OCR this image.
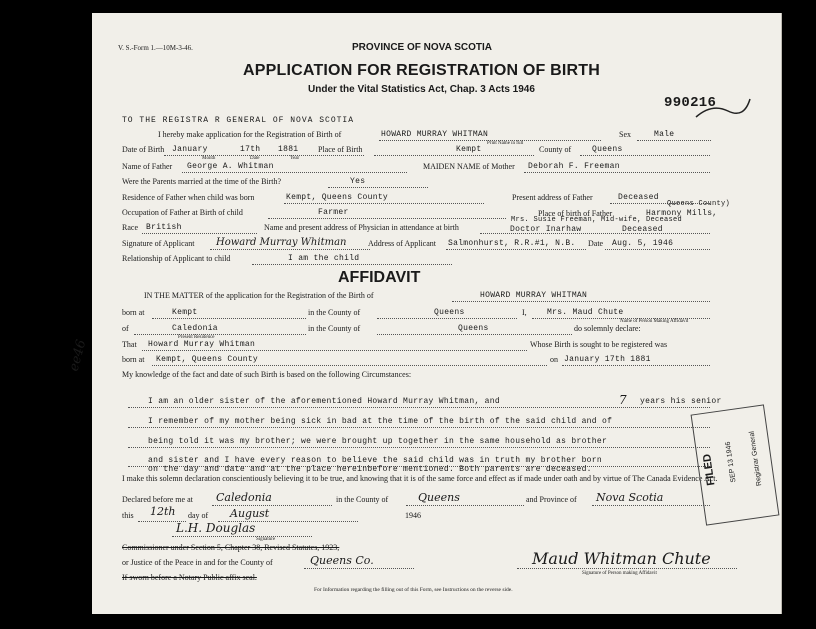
V. S.-Form 1.—10M-3-46.	PROVINCE OF NOVA SCOTIA
APPLICATION FOR REGISTRATION OF BIRTH
Under the Vital Statistics Act, Chap. 3 Acts 1946
990216
TO THE REGISTRA R GENERAL OF NOVA SCOTIA
I hereby make application for the Registration of Birth of	HOWARD MURRAY WHITMAN	Sex	Male
Print Name in full
Date of Birth January	17th 1881
Month	Date	Year
Place of Birth	Kempt	County of	Queens
Name of Father George A. Whitman	MAIDEN NAME of Mother Deborah F. Freeman
Were the Parents married at the time of the Birth?	Yes
Residence of Father when child was born	Kempt, Queens County	Present address of Father	Deceased
Occupation of Father at Birth of child	Farmer	Place of birth of Father	Harmony Mills,
Queens County)
Race British	Name and present address of Physician in attendance at birth	Doctor Inarhaw
Mrs. Susie Freeman, Mid-wife, Deceased
Deceased
Signature of Applicant Howard Murray Whitman	Address of Applicant Salmonhurst, R.R.#1, N.B. Date Aug. 5, 1946
Relationship of Applicant to child	I am the child
AFFIDAVIT
IN THE MATTER of the application for the Registration of the Birth of	HOWARD MURRAY WHITMAN
born at	Kempt	in the County of	Queens	I,	Mrs. Maud Chute
Name of Person Making Affidavit
of	Caledonia
Present Residence
in the County of	Queens	do solemnly declare:
That Howard Murray Whitman	Whose Birth is sought to be registered was
born at Kempt, Queens County	on January 17th 1881
My knowledge of the fact and date of such Birth is based on the following Circumstances:
I am an older sister of the aforementioned Howard Murray Whitman, and	7 years his senior
I remember of my mother being sick in bad at the time of the birth of the said child and of
being told it was my brother; we were brought up together in the same household as brother
and sister and I have every reason to believe the said child was in truth my brother born
on the day and date and at the place hereinbefore mentioned. Both parents are deceased.
I make this solemn declaration conscientiously believing it to be true, and knowing that it is of the same force and effect as if made under oath and by virtue of The Canada Evidence Act.
Declared before me at Caledonia	in the County of	Queens	and Province of Nova Scotia
this 12th day of August	1946
L.H. Douglas
Signature
Commissioner under Section 5, Chapter 38, Revised Statutes, 1923,
or Justice of the Peace in and for the County of	Queens Co.
If sworn before a Notary Public affix seal.
Maud Whitman Chute
Signature of Person making Affidavit
For Information regarding the filling out of this Form, see Instructions on the reverse side.
FILED SEP 13 1946 Registrar General
ee46
